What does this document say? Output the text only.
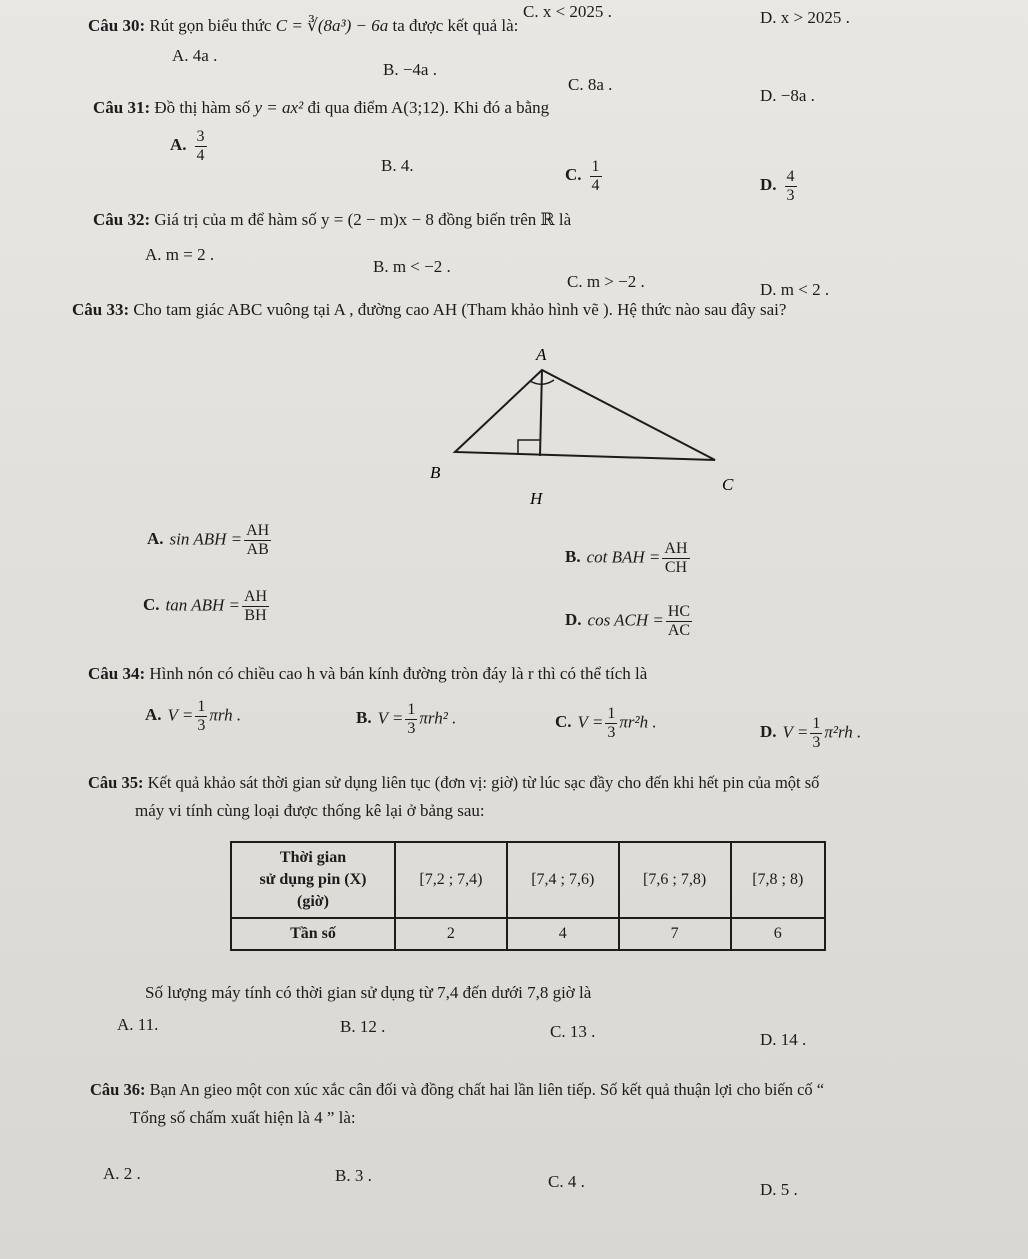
C. x < 2025 .	D. x > 2025 .
Câu 30: Rút gọn biểu thức C = ∛(8a³) − 6a ta được kết quả là:
A. 4a .
B. −4a .
C. 8a .
D. −8a .
Câu 31: Đồ thị hàm số y = ax² đi qua điểm A(3;12). Khi đó a bằng
A. $\frac{3}{4}$
B. 4.	C. $\frac{1}{4}$	D. $\frac{4}{3}$
Câu 32: Giá trị của m để hàm số y = (2 − m)x − 8 đồng biến trên ℝ là
A. m = 2 .
B. m < −2 .
C. m > −2 .	D. m < 2 .
Câu 33: Cho tam giác ABC vuông tại A , đường cao AH (Tham khảo hình vẽ ). Hệ thức nào sau đây sai?
A
B
C
H
A. sin ABH = $\frac{AH}{AB}$	B. cot BAH = $\frac{AH}{CH}$
C. tan ABH = $\frac{AH}{BH}$	D. cos ACH = $\frac{HC}{AC}$
Câu 34: Hình nón có chiều cao h và bán kính đường tròn đáy là r thì có thể tích là
A. $V = \frac{1}{3}$ πrh .	B. $V = \frac{1}{3} \pi rh^2$ .	C. $V = \frac{1}{3} \pi r^2h$ .
D. $V = \frac{1}{3} \pi^2rh$ .
Câu 35: Kết quả khảo sát thời gian sử dụng liên tục (đơn vị: giờ) từ lúc sạc đầy cho đến khi hết pin của một số
máy vi tính cùng loại được thống kê lại ở bảng sau:
Thời gian
sử dụng pin (X)
(giờ)	[7,2 ; 7,4)	[7,4 ; 7,6)	[7,6 ; 7,8)	[7,8 ; 8)
Tần số	2	4	7	6
Số lượng máy tính có thời gian sử dụng từ 7,4 đến dưới 7,8 giờ là
A. 11.	B. 12 .	C. 13 .	D. 14 .
Câu 36: Bạn An gieo một con xúc xắc cân đối và đồng chất hai lần liên tiếp. Số kết quả thuận lợi cho biến cố “
Tổng số chấm xuất hiện là 4 ” là:
A. 2 .	B. 3 .	C. 4 .	D. 5 .
